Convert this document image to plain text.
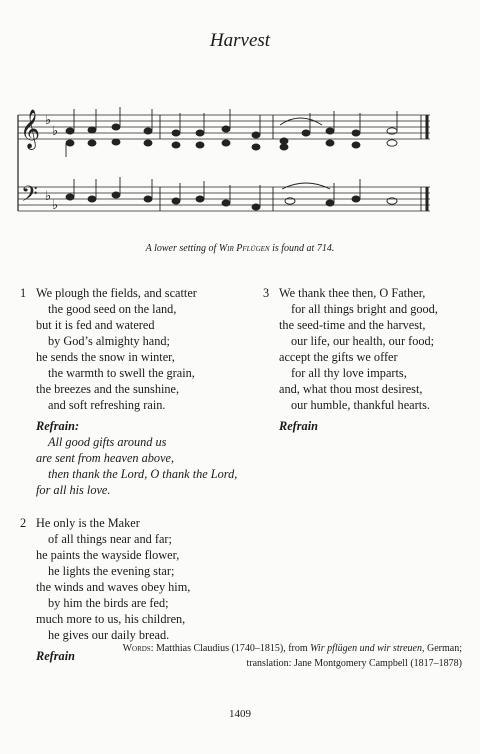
Harvest
𝄞
𝄢
♭
♭
♭
♭
A lower setting of Wir Pflügen is found at 714.
1 We plough the fields, and scatter
the good seed on the land,
but it is fed and watered
by God’s almighty hand;
he sends the snow in winter,
the warmth to swell the grain,
the breezes and the sunshine,
and soft refreshing rain.
Refrain:
All good gifts around us
are sent from heaven above,
then thank the Lord, O thank the Lord,
for all his love.
2 He only is the Maker
of all things near and far;
he paints the wayside flower,
he lights the evening star;
the winds and waves obey him,
by him the birds are fed;
much more to us, his children,
he gives our daily bread.
Refrain
3 We thank thee then, O Father,
for all things bright and good,
the seed-time and the harvest,
our life, our health, our food;
accept the gifts we offer
for all thy love imparts,
and, what thou most desirest,
our humble, thankful hearts.
Refrain
Words: Matthias Claudius (1740–1815), from Wir pflügen und wir streuen, German;
translation: Jane Montgomery Campbell (1817–1878)
1409
